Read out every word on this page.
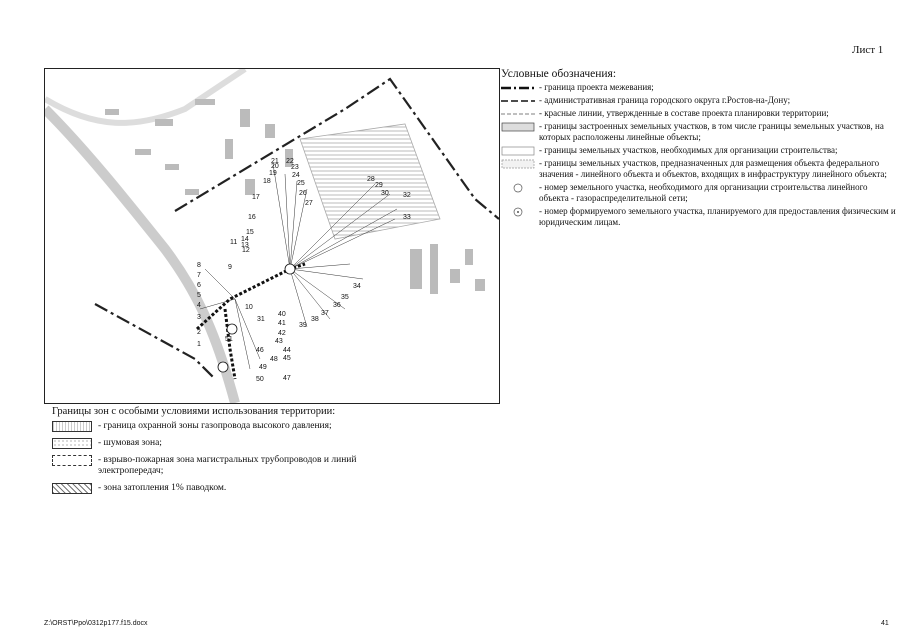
Лист 1
1
2
3
4
5
6
7
8	9
10
11
12
13
14
15
16
17
18
19
20
21 22
23
24
25
26
27
28
29
30
31
32
33
34
35
36
37
38
39
40
41
42
43
44
45
46
47
48
49
50
51
Условные обозначения:
- граница проекта межевания;
- административная граница городского округа г.Ростов-на-Дону;
- красные линии, утвержденные в составе проекта планировки территории;
- границы застроенных земельных участков, в том числе границы земельных участков, на которых расположены линейные объекты;
- границы земельных участков, необходимых для организации строительства;
- границы земельных участков, предназначенных для размещения объекта федерального значения - линейного объекта и объектов, входящих в инфраструктуру линейного объекта;
- номер земельного участка, необходимого для организации строительства линейного объекта - газораспределительной сети;
- номер формируемого земельного участка, планируемого для предоставления физическим и юридическим лицам.
Границы зон с особыми условиями использования территории:
- граница охранной зоны газопровода высокого давления;
- шумовая зона;
- взрыво-пожарная зона магистральных трубопроводов и линий электропередач;
- зона затопления 1% паводком.
Z:\ORST\Ppo\0312p177.f15.docx	41
